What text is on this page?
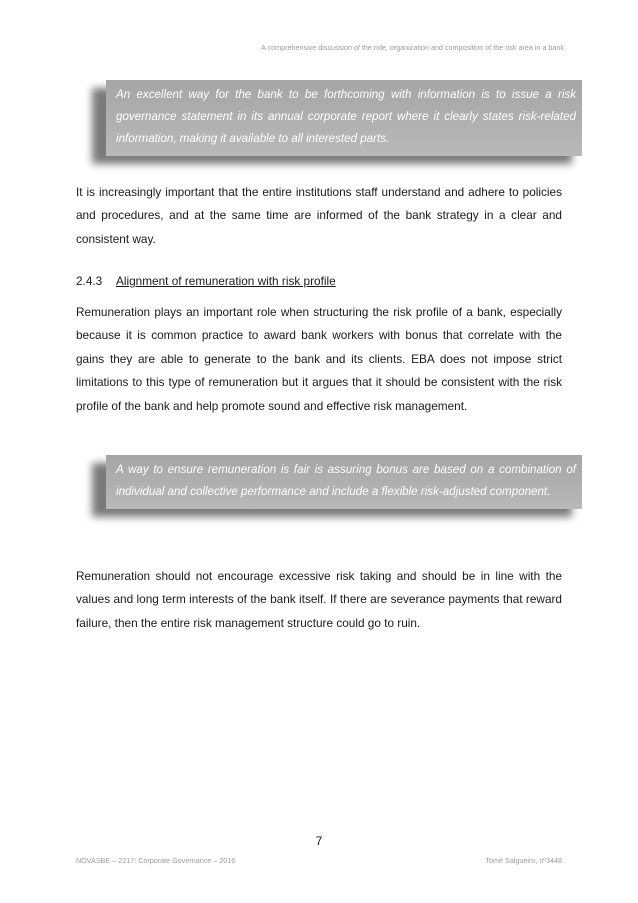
A comprehensive discussion of the role, organization and composition of the risk area in a bank
An excellent way for the bank to be forthcoming with information is to issue a risk governance statement in its annual corporate report where it clearly states risk-related information, making it available to all interested parts.

It is increasingly important that the entire institutions staff understand and adhere to policies and procedures, and at the same time are informed of the bank strategy in a clear and consistent way.

2.4.3 Alignment of remuneration with risk profile

Remuneration plays an important role when structuring the risk profile of a bank, especially because it is common practice to award bank workers with bonus that correlate with the gains they are able to generate to the bank and its clients. EBA does not impose strict limitations to this type of remuneration but it argues that it should be consistent with the risk profile of the bank and help promote sound and effective risk management.

A way to ensure remuneration is fair is assuring bonus are based on a combination of individual and collective performance and include a flexible risk-adjusted component.

Remuneration should not encourage excessive risk taking and should be in line with the values and long term interests of the bank itself. If there are severance payments that reward failure, then the entire risk management structure could go to ruin.

7
NOVASBE – 2217: Corporate Governance – 2016	Tomé Salgueiro, nº3448
